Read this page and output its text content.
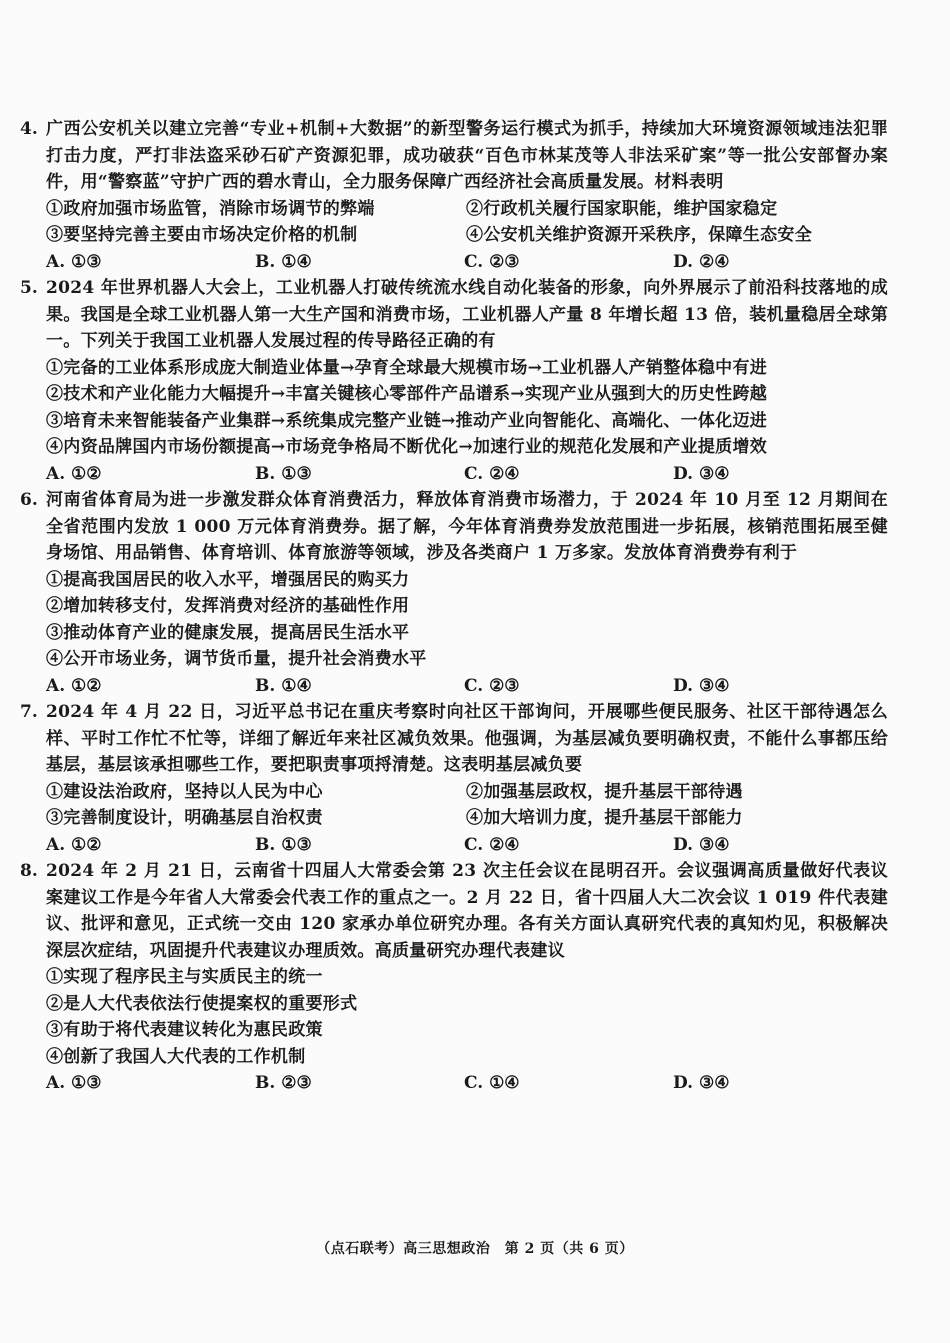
4. 广西公安机关以建立完善“专业+机制+大数据”的新型警务运行模式为抓手，持续加大环境资源领域违法犯罪打击力度，严打非法盗采砂石矿产资源犯罪，成功破获“百色市林某茂等人非法采矿案”等一批公安部督办案件，用“警察蓝”守护广西的碧水青山，全力服务保障广西经济社会高质量发展。材料表明
①政府加强市场监管，消除市场调节的弊端	②行政机关履行国家职能，维护国家稳定
③要坚持完善主要由市场决定价格的机制	④公安机关维护资源开采秩序，保障生态安全
A. ①③	B. ①④	C. ②③	D. ②④
5. 2024 年世界机器人大会上，工业机器人打破传统流水线自动化装备的形象，向外界展示了前沿科技落地的成果。我国是全球工业机器人第一大生产国和消费市场，工业机器人产量 8 年增长超 13 倍，装机量稳居全球第一。下列关于我国工业机器人发展过程的传导路径正确的有
①完备的工业体系形成庞大制造业体量→孕育全球最大规模市场→工业机器人产销整体稳中有进
②技术和产业化能力大幅提升→丰富关键核心零部件产品谱系→实现产业从强到大的历史性跨越
③培育未来智能装备产业集群→系统集成完整产业链→推动产业向智能化、高端化、一体化迈进
④内资品牌国内市场份额提高→市场竞争格局不断优化→加速行业的规范化发展和产业提质增效
A. ①②	B. ①③	C. ②④	D. ③④
6. 河南省体育局为进一步激发群众体育消费活力，释放体育消费市场潜力，于 2024 年 10 月至 12 月期间在全省范围内发放 1 000 万元体育消费券。据了解，今年体育消费券发放范围进一步拓展，核销范围拓展至健身场馆、用品销售、体育培训、体育旅游等领域，涉及各类商户 1 万多家。发放体育消费券有利于
①提高我国居民的收入水平，增强居民的购买力
②增加转移支付，发挥消费对经济的基础性作用
③推动体育产业的健康发展，提高居民生活水平
④公开市场业务，调节货币量，提升社会消费水平
A. ①②	B. ①④	C. ②③	D. ③④
7. 2024 年 4 月 22 日，习近平总书记在重庆考察时向社区干部询问，开展哪些便民服务、社区干部待遇怎么样、平时工作忙不忙等，详细了解近年来社区减负效果。他强调，为基层减负要明确权责，不能什么事都压给基层，基层该承担哪些工作，要把职责事项捋清楚。这表明基层减负要
①建设法治政府，坚持以人民为中心	②加强基层政权，提升基层干部待遇
③完善制度设计，明确基层自治权责	④加大培训力度，提升基层干部能力
A. ①②	B. ①③	C. ②④	D. ③④
8. 2024 年 2 月 21 日，云南省十四届人大常委会第 23 次主任会议在昆明召开。会议强调高质量做好代表议案建议工作是今年省人大常委会代表工作的重点之一。2 月 22 日，省十四届人大二次会议 1 019 件代表建议、批评和意见，正式统一交由 120 家承办单位研究办理。各有关方面认真研究代表的真知灼见，积极解决深层次症结，巩固提升代表建议办理质效。高质量研究办理代表建议
①实现了程序民主与实质民主的统一
②是人大代表依法行使提案权的重要形式
③有助于将代表建议转化为惠民政策
④创新了我国人大代表的工作机制
A. ①③	B. ②③	C. ①④	D. ③④
（点石联考）高三思想政治　第 2 页（共 6 页）
